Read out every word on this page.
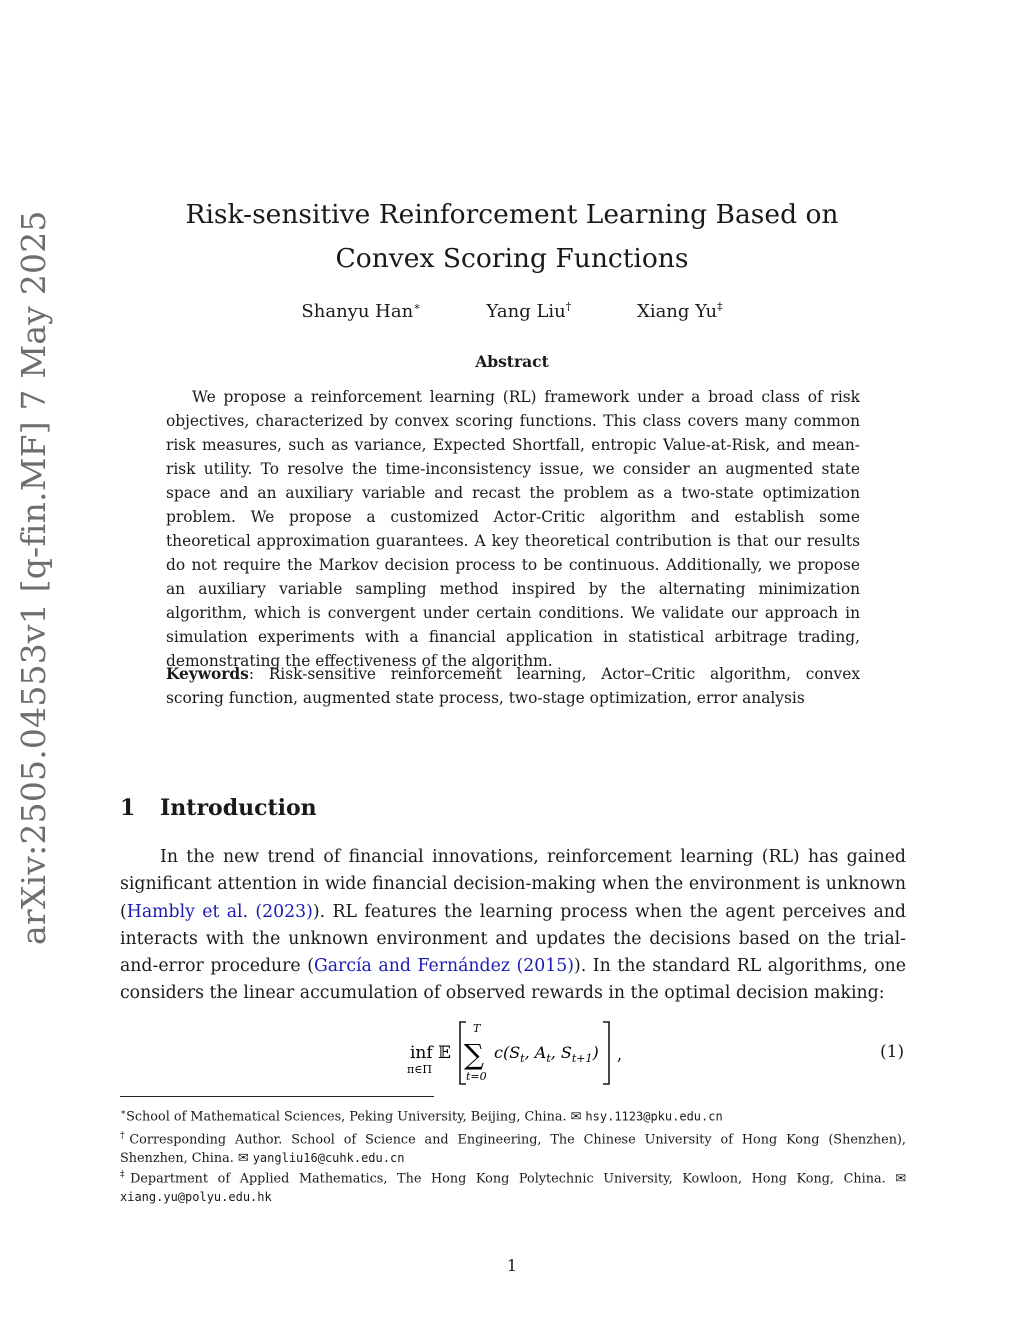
arXiv:2505.04553v1 [q-fin.MF] 7 May 2025	Risk-sensitive Reinforcement Learning Based on
Convex Scoring Functions
Shanyu Han∗	Yang Liu†	Xiang Yu‡
Abstract
We propose a reinforcement learning (RL) framework under a broad class of risk objectives, characterized by convex scoring functions. This class covers many common risk measures, such as variance, Expected Shortfall, entropic Value-at-Risk, and mean-risk utility. To resolve the time-inconsistency issue, we consider an augmented state space and an auxiliary variable and recast the problem as a two-state optimization problem. We propose a customized Actor-Critic algorithm and establish some theoretical approximation guarantees. A key theoretical contribution is that our results do not require the Markov decision process to be continuous. Additionally, we propose an auxiliary variable sampling method inspired by the alternating minimization algorithm, which is convergent under certain conditions. We validate our approach in simulation experiments with a financial application in statistical arbitrage trading, demonstrating the effectiveness of the algorithm.
Keywords: Risk-sensitive reinforcement learning, Actor–Critic algorithm, convex scoring function, augmented state process, two-stage optimization, error analysis
1 Introduction
In the new trend of financial innovations, reinforcement learning (RL) has gained significant attention in wide financial decision-making when the environment is unknown (Hambly et al. (2023)). RL features the learning process when the agent perceives and interacts with the unknown environment and updates the decisions based on the trial-and-error procedure (García and Fernández (2015)). In the standard RL algorithms, one considers the linear accumulation of observed rewards in the optimal decision making:
inf
π∈Π
𝔼
T
∑
t=0
$c(S_t$, $A_t$, $S_{t+1}$) ,	(1)
∗School of Mathematical Sciences, Peking University, Beijing, China. ✉ hsy.1123@pku.edu.cn
†Corresponding Author. School of Science and Engineering, The Chinese University of Hong Kong (Shenzhen), Shenzhen, China. ✉ yangliu16@cuhk.edu.cn
‡Department of Applied Mathematics, The Hong Kong Polytechnic University, Kowloon, Hong Kong, China. ✉ xiang.yu@polyu.edu.hk
1
